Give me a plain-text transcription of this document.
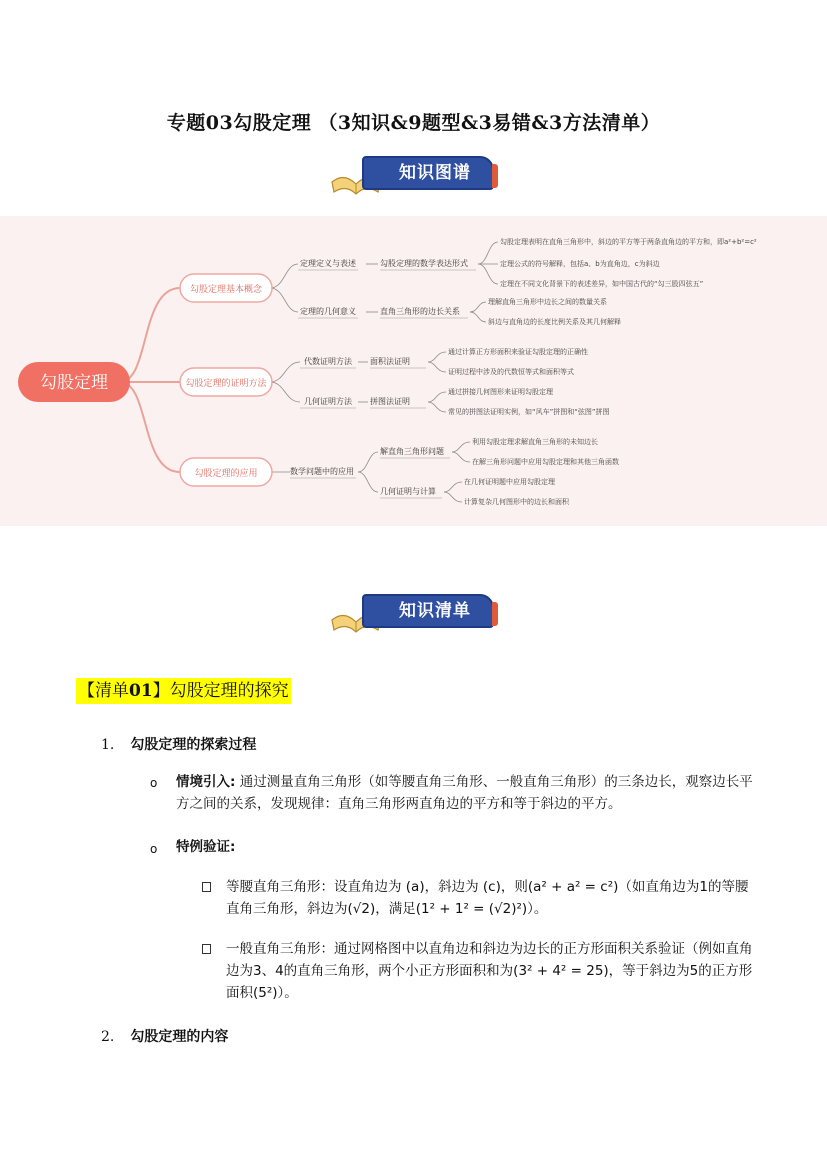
专题03勾股定理 （3知识&9题型&3易错&3方法清单）
知识图谱
勾股定理
勾股定理基本概念
勾股定理的证明方法
勾股定理的应用
定理定义与表述
定理的几何意义
代数证明方法
几何证明方法
数学问题中的应用
勾股定理的数学表达形式
直角三角形的边长关系
面积法证明
拼图法证明
解直角三角形问题
几何证明与计算
勾股定理表明在直角三角形中，斜边的平方等于两条直角边的平方和，即a²+b²=c²
定理公式的符号解释，包括a、b为直角边，c为斜边
定理在不同文化背景下的表述差异，如中国古代的“勾三股四弦五”
理解直角三角形中边长之间的数量关系
斜边与直角边的长度比例关系及其几何解释
通过计算正方形面积来验证勾股定理的正确性
证明过程中涉及的代数恒等式和面积等式
通过拼接几何图形来证明勾股定理
常见的拼图法证明实例，如“风车”拼图和“弦图”拼图
利用勾股定理求解直角三角形的未知边长
在解三角形问题中应用勾股定理和其他三角函数
在几何证明题中应用勾股定理
计算复杂几何图形中的边长和面积
知识清单
【清单01】勾股定理的探究
1. 勾股定理的探索过程
o 情境引入: 通过测量直角三角形（如等腰直角三角形、一般直角三角形）的三条边长，观察边长平方之间的关系，发现规律：直角三角形两直角边的平方和等于斜边的平方。
o 特例验证:
等腰直角三角形：设直角边为 (a)，斜边为 (c)，则(a² + a² = c²)（如直角边为1的等腰直角三角形，斜边为(√2)，满足(1² + 1² = (√2)²)）。
一般直角三角形：通过网格图中以直角边和斜边为边长的正方形面积关系验证（例如直角边为3、4的直角三角形，两个小正方形面积和为(3² + 4² = 25)，等于斜边为5的正方形面积(5²)）。
2. 勾股定理的内容
